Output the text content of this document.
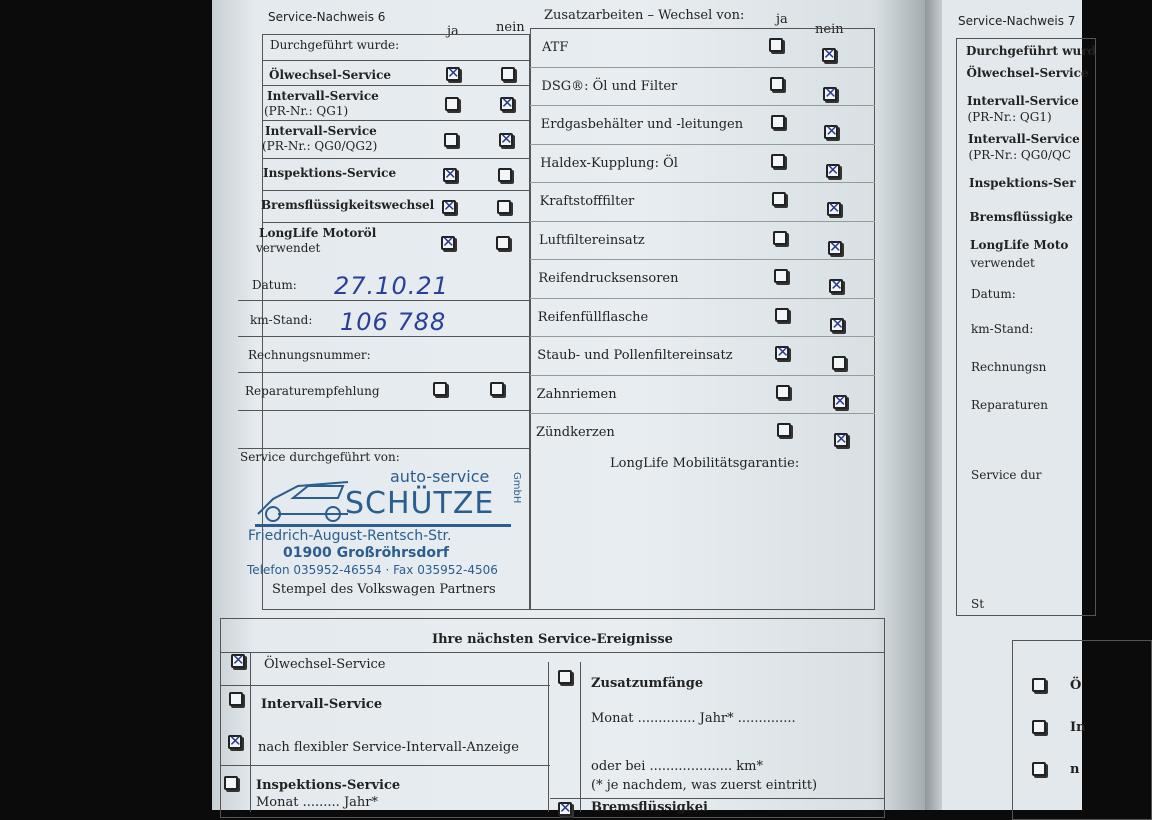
Service-Nachweis 6
ja	nein
Durchgeführt wurde:
Ölwechsel-Service
✕
Intervall-Service
(PR-Nr.: QG1)
✕
Intervall-Service
(PR-Nr.: QG0/QG2)
✕
Inspektions-Service
✕
Bremsflüssigkeitswechsel
✕
LongLife Motoröl
verwendet
✕
ja
nein
Zusatzarbeiten – Wechsel von:
ATF
✕
DSG®: Öl und Filter
✕
Erdgasbehälter und -leitungen
✕
Haldex-Kupplung: Öl
✕
Kraftstofffilter
✕
Luftfiltereinsatz
✕
Reifendrucksensoren
✕
Reifenfüllflasche
✕
Staub- und Pollenfiltereinsatz
✕
Zahnriemen
✕
Zündkerzen
✕
LongLife Mobilitätsgarantie:
Datum: 27.10.21
km-Stand: 106 788
Rechnungsnummer:
Reparaturempfehlung
Service durchgeführt von:
auto-service
SCHÜTZE GmbH
Friedrich-August-Rentsch-Str.
01900 Großröhrsdorf
Telefon 035952-46554 · Fax 035952-4506
Stempel des Volkswagen Partners
Ihre nächsten Service-Ereignisse
✕
Ölwechsel-Service
Intervall-Service
✕
nach flexibler Service-Intervall-Anzeige
Inspektions-Service
Monat ......... Jahr*
Zusatzumfänge
Monat .............. Jahr* ..............
oder bei .................... km*
(* je nachdem, was zuerst eintritt)
✕
Bremsflüssigkei
Service-Nachweis 7
Durchgeführt wurd
Ölwechsel-Service
Intervall-Service
(PR-Nr.: QG1)
Intervall-Service
(PR-Nr.: QG0/QC
Inspektions-Ser
Bremsflüssigke
LongLife Moto
verwendet
Datum:
km-Stand:
Rechnungsn
Reparaturen
Service dur
St
Ö
In
n
